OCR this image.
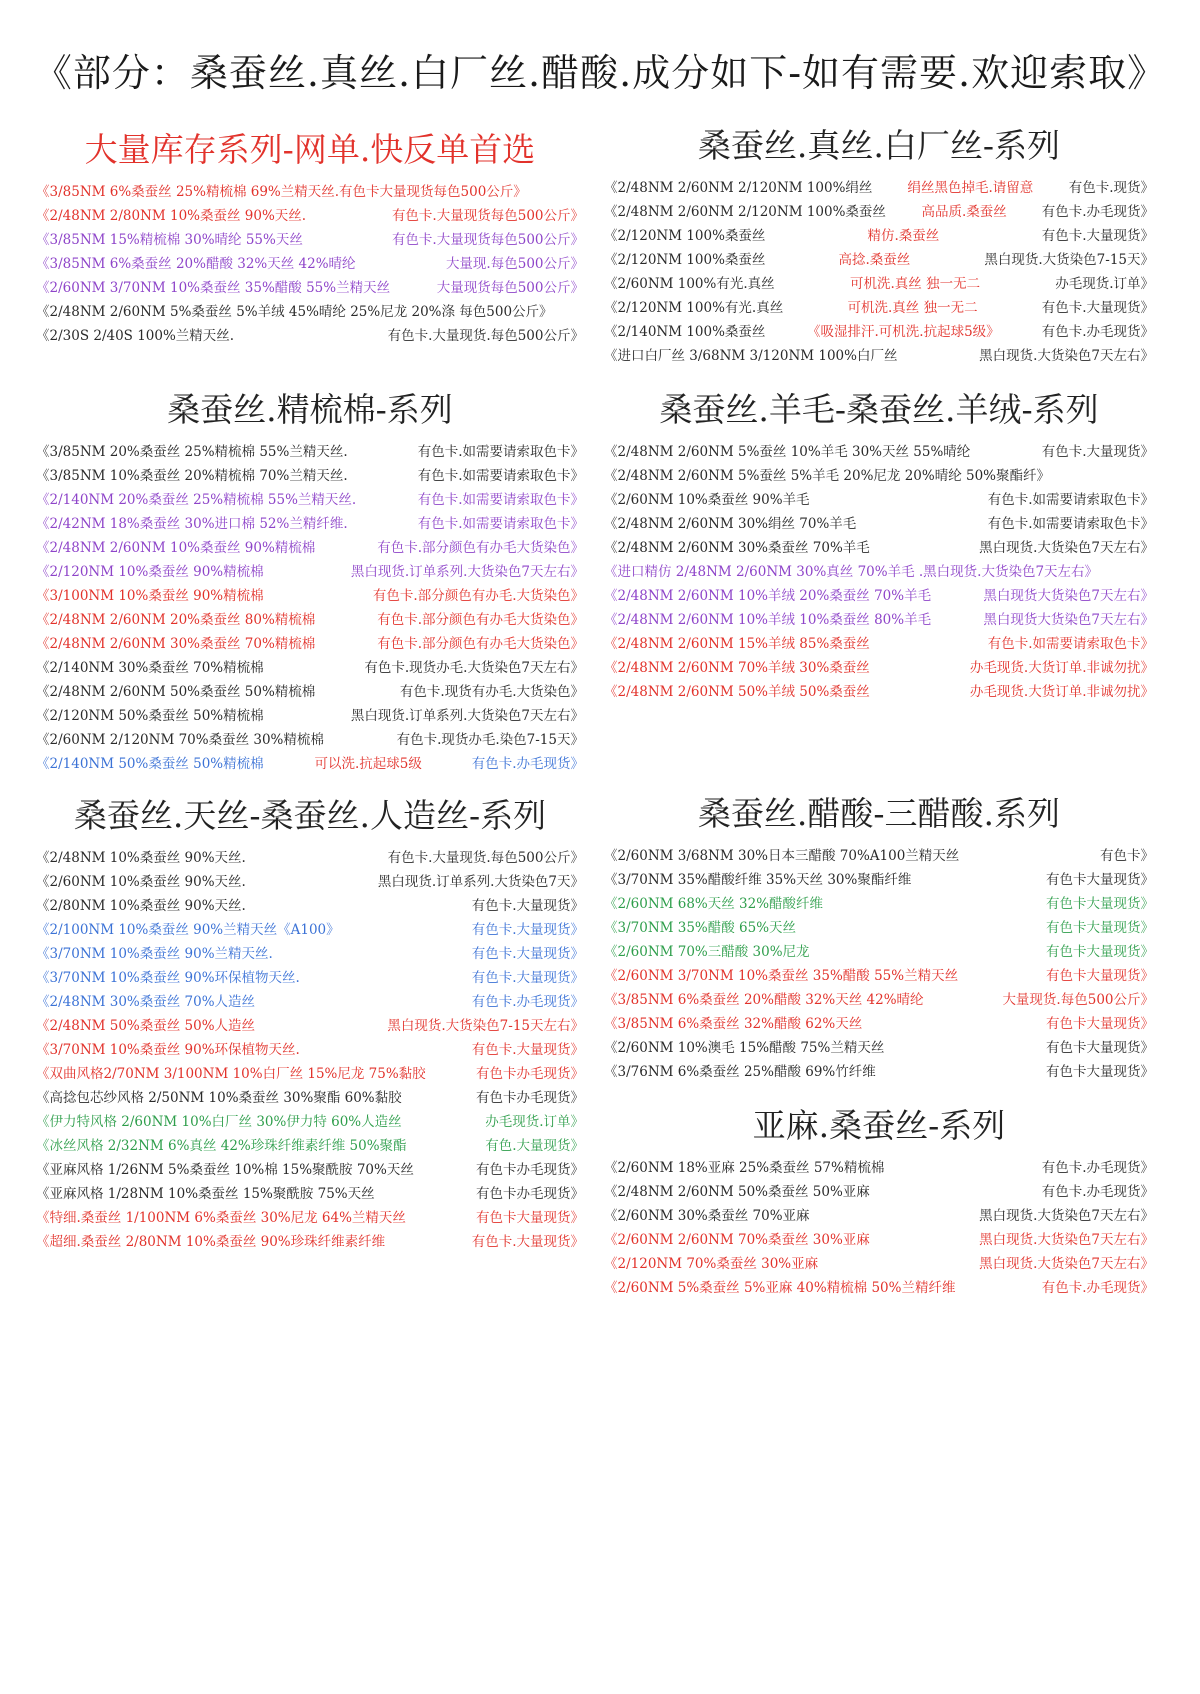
《部分：桑蚕丝.真丝.白厂丝.醋酸.成分如下-如有需要.欢迎索取》
大量库存系列-网单.快反单首选
《3/85NM 6%桑蚕丝 25%精梳棉 69%兰精天丝.有色卡大量现货每色500公斤》
《2/48NM 2/80NM 10%桑蚕丝 90%天丝.	有色卡.大量现货每色500公斤》
《3/85NM 15%精梳棉 30%晴纶 55%天丝	有色卡.大量现货每色500公斤》
《3/85NM 6%桑蚕丝 20%醋酸 32%天丝 42%晴纶	大量现.每色500公斤》
《2/60NM 3/70NM 10%桑蚕丝 35%醋酸 55%兰精天丝	大量现货每色500公斤》
《2/48NM 2/60NM 5%桑蚕丝 5%羊绒 45%晴纶 25%尼龙 20%涤 每色500公斤》
《2/30S 2/40S 100%兰精天丝.	有色卡.大量现货.每色500公斤》
桑蚕丝.真丝.白厂丝-系列
《2/48NM 2/60NM 2/120NM 100%绢丝	绢丝黑色掉毛.请留意	有色卡.现货》
《2/48NM 2/60NM 2/120NM 100%桑蚕丝	高品质.桑蚕丝	有色卡.办毛现货》
《2/120NM 100%桑蚕丝	精仿.桑蚕丝	有色卡.大量现货》
《2/120NM 100%桑蚕丝	高捻.桑蚕丝	黑白现货.大货染色7-15天》
《2/60NM 100%有光.真丝	可机洗.真丝 独一无二	办毛现货.订单》
《2/120NM 100%有光.真丝	可机洗.真丝 独一无二	有色卡.大量现货》
《2/140NM 100%桑蚕丝	《吸湿排汗.可机洗.抗起球5级》	有色卡.办毛现货》
《进口白厂丝 3/68NM 3/120NM 100%白厂丝	黑白现货.大货染色7天左右》
桑蚕丝.精梳棉-系列
《3/85NM 20%桑蚕丝 25%精梳棉 55%兰精天丝.	有色卡.如需要请索取色卡》
《3/85NM 10%桑蚕丝 20%精梳棉 70%兰精天丝.	有色卡.如需要请索取色卡》
《2/140NM 20%桑蚕丝 25%精梳棉 55%兰精天丝.	有色卡.如需要请索取色卡》
《2/42NM 18%桑蚕丝 30%进口棉 52%兰精纤维.	有色卡.如需要请索取色卡》
《2/48NM 2/60NM 10%桑蚕丝 90%精梳棉	有色卡.部分颜色有办毛大货染色》
《2/120NM 10%桑蚕丝 90%精梳棉	黑白现货.订单系列.大货染色7天左右》
《3/100NM 10%桑蚕丝 90%精梳棉	有色卡.部分颜色有办毛.大货染色》
《2/48NM 2/60NM 20%桑蚕丝 80%精梳棉	有色卡.部分颜色有办毛大货染色》
《2/48NM 2/60NM 30%桑蚕丝 70%精梳棉	有色卡.部分颜色有办毛大货染色》
《2/140NM 30%桑蚕丝 70%精梳棉	有色卡.现货办毛.大货染色7天左右》
《2/48NM 2/60NM 50%桑蚕丝 50%精梳棉	有色卡.现货有办毛.大货染色》
《2/120NM 50%桑蚕丝 50%精梳棉	黑白现货.订单系列.大货染色7天左右》
《2/60NM 2/120NM 70%桑蚕丝 30%精梳棉	有色卡.现货办毛.染色7-15天》
《2/140NM 50%桑蚕丝 50%精梳棉	可以洗.抗起球5级	有色卡.办毛现货》
桑蚕丝.羊毛-桑蚕丝.羊绒-系列
《2/48NM 2/60NM 5%蚕丝 10%羊毛 30%天丝 55%晴纶	有色卡.大量现货》
《2/48NM 2/60NM 5%蚕丝 5%羊毛 20%尼龙 20%晴纶 50%聚酯纤》
《2/60NM 10%桑蚕丝 90%羊毛	有色卡.如需要请索取色卡》
《2/48NM 2/60NM 30%绢丝 70%羊毛	有色卡.如需要请索取色卡》
《2/48NM 2/60NM 30%桑蚕丝 70%羊毛	黑白现货.大货染色7天左右》
《进口精仿 2/48NM 2/60NM 30%真丝 70%羊毛 .黑白现货.大货染色7天左右》
《2/48NM 2/60NM 10%羊绒 20%桑蚕丝 70%羊毛	黑白现货大货染色7天左右》
《2/48NM 2/60NM 10%羊绒 10%桑蚕丝 80%羊毛	黑白现货大货染色7天左右》
《2/48NM 2/60NM 15%羊绒 85%桑蚕丝	有色卡.如需要请索取色卡》
《2/48NM 2/60NM 70%羊绒 30%桑蚕丝	办毛现货.大货订单.非诚勿扰》
《2/48NM 2/60NM 50%羊绒 50%桑蚕丝	办毛现货.大货订单.非诚勿扰》
桑蚕丝.天丝-桑蚕丝.人造丝-系列
《2/48NM 10%桑蚕丝 90%天丝.	有色卡.大量现货.每色500公斤》
《2/60NM 10%桑蚕丝 90%天丝.	黑白现货.订单系列.大货染色7天》
《2/80NM 10%桑蚕丝 90%天丝.	有色卡.大量现货》
《2/100NM 10%桑蚕丝 90%兰精天丝《A100》	有色卡.大量现货》
《3/70NM 10%桑蚕丝 90%兰精天丝.	有色卡.大量现货》
《3/70NM 10%桑蚕丝 90%环保植物天丝.	有色卡.大量现货》
《2/48NM 30%桑蚕丝 70%人造丝	有色卡.办毛现货》
《2/48NM 50%桑蚕丝 50%人造丝	黑白现货.大货染色7-15天左右》
《3/70NM 10%桑蚕丝 90%环保植物天丝.	有色卡.大量现货》
《双曲风格2/70NM 3/100NM 10%白厂丝 15%尼龙 75%黏胶	有色卡办毛现货》
《高捻包芯纱风格 2/50NM 10%桑蚕丝 30%聚酯 60%黏胶	有色卡办毛现货》
《伊力特风格 2/60NM 10%白厂丝 30%伊力特 60%人造丝	办毛现货.订单》
《冰丝风格 2/32NM 6%真丝 42%珍珠纤维素纤维 50%聚酯	有色.大量现货》
《亚麻风格 1/26NM 5%桑蚕丝 10%棉 15%聚酰胺 70%天丝	有色卡办毛现货》
《亚麻风格 1/28NM 10%桑蚕丝 15%聚酰胺 75%天丝	有色卡办毛现货》
《特细.桑蚕丝 1/100NM 6%桑蚕丝 30%尼龙 64%兰精天丝	有色卡大量现货》
《超细.桑蚕丝 2/80NM 10%桑蚕丝 90%珍珠纤维素纤维	有色卡.大量现货》
桑蚕丝.醋酸-三醋酸.系列
《2/60NM 3/68NM 30%日本三醋酸 70%A100兰精天丝	有色卡》
《3/70NM 35%醋酸纤维 35%天丝 30%聚酯纤维	有色卡大量现货》
《2/60NM 68%天丝 32%醋酸纤维	有色卡大量现货》
《3/70NM 35%醋酸 65%天丝	有色卡大量现货》
《2/60NM 70%三醋酸 30%尼龙	有色卡大量现货》
《2/60NM 3/70NM 10%桑蚕丝 35%醋酸 55%兰精天丝	有色卡大量现货》
《3/85NM 6%桑蚕丝 20%醋酸 32%天丝 42%晴纶	大量现货.每色500公斤》
《3/85NM 6%桑蚕丝 32%醋酸 62%天丝	有色卡大量现货》
《2/60NM 10%澳毛 15%醋酸 75%兰精天丝	有色卡大量现货》
《3/76NM 6%桑蚕丝 25%醋酸 69%竹纤维	有色卡大量现货》
亚麻.桑蚕丝-系列
《2/60NM 18%亚麻 25%桑蚕丝 57%精梳棉	有色卡.办毛现货》
《2/48NM 2/60NM 50%桑蚕丝 50%亚麻	有色卡.办毛现货》
《2/60NM 30%桑蚕丝 70%亚麻	黑白现货.大货染色7天左右》
《2/60NM 2/60NM 70%桑蚕丝 30%亚麻	黑白现货.大货染色7天左右》
《2/120NM 70%桑蚕丝 30%亚麻	黑白现货.大货染色7天左右》
《2/60NM 5%桑蚕丝 5%亚麻 40%精梳棉 50%兰精纤维	有色卡.办毛现货》
